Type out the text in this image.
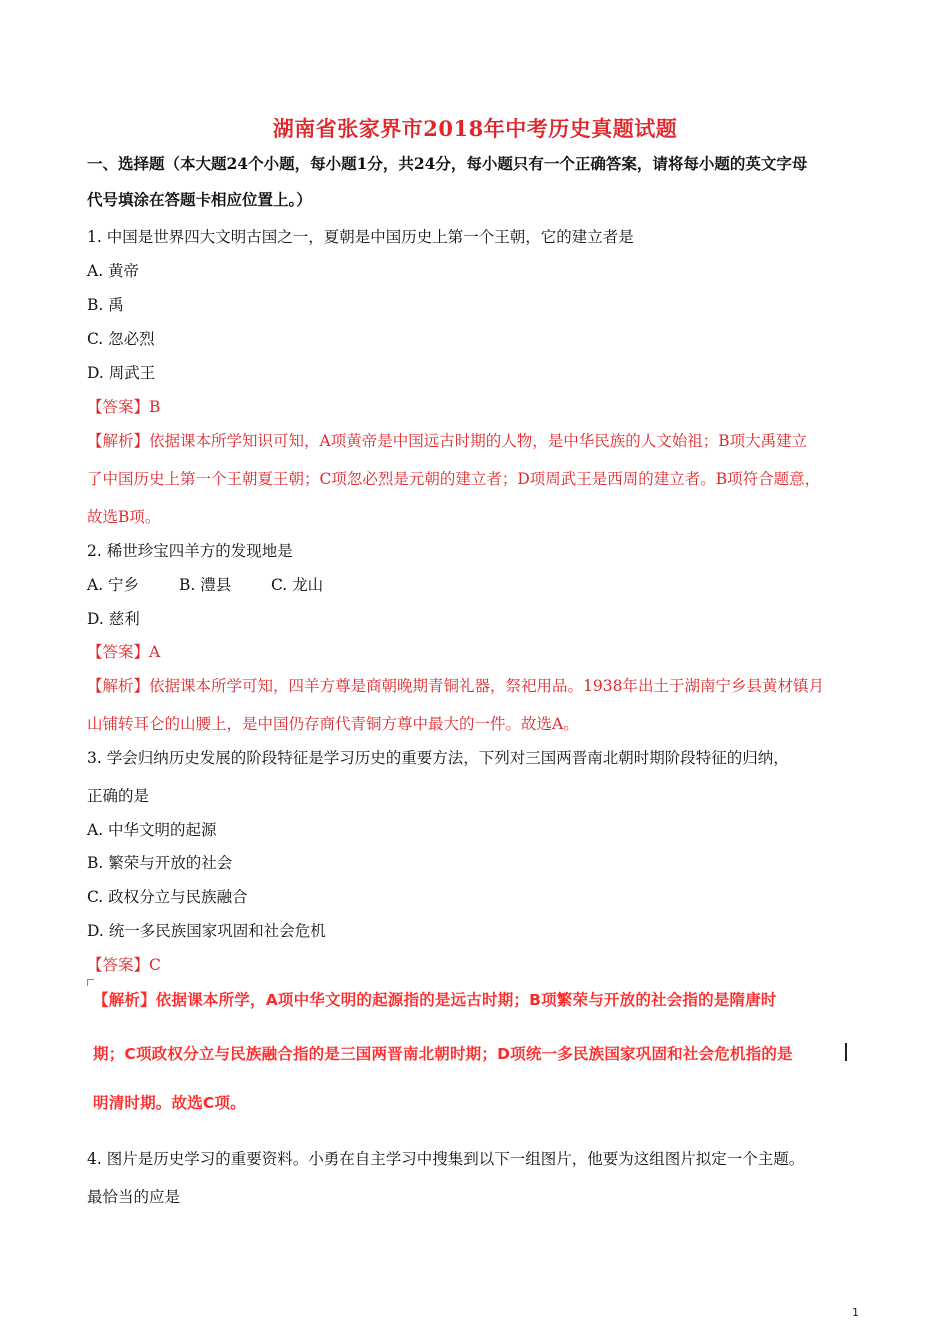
湖南省张家界市2018年中考历史真题试题
一、选择题（本大题24个小题，每小题1分，共24分，每小题只有一个正确答案，请将每小题的英文字母
代号填涂在答题卡相应位置上。）
1. 中国是世界四大文明古国之一，夏朝是中国历史上第一个王朝，它的建立者是
A. 黄帝
B. 禹
C. 忽必烈
D. 周武王
【答案】B
【解析】依据课本所学知识可知，A项黄帝是中国远古时期的人物，是中华民族的人文始祖；B项大禹建立
了中国历史上第一个王朝夏王朝；C项忽必烈是元朝的建立者；D项周武王是西周的建立者。B项符合题意，
故选B项。
2. 稀世珍宝四羊方的发现地是
A. 宁乡	B. 澧县	C. 龙山
D. 慈利
【答案】A
【解析】依据课本所学可知，四羊方尊是商朝晚期青铜礼器，祭祀用品。1938年出土于湖南宁乡县黄材镇月
山铺转耳仑的山腰上，是中国仍存商代青铜方尊中最大的一件。故选A。
3. 学会归纳历史发展的阶段特征是学习历史的重要方法，下列对三国两晋南北朝时期阶段特征的归纳，
正确的是
A. 中华文明的起源
B. 繁荣与开放的社会
C. 政权分立与民族融合
D. 统一多民族国家巩固和社会危机
【答案】C
【解析】依据课本所学，A项中华文明的起源指的是远古时期；B项繁荣与开放的社会指的是隋唐时
期；C项政权分立与民族融合指的是三国两晋南北朝时期；D项统一多民族国家巩固和社会危机指的是
明清时期。故选C项。
4. 图片是历史学习的重要资料。小勇在自主学习中搜集到以下一组图片，他要为这组图片拟定一个主题。
最恰当的应是
1
